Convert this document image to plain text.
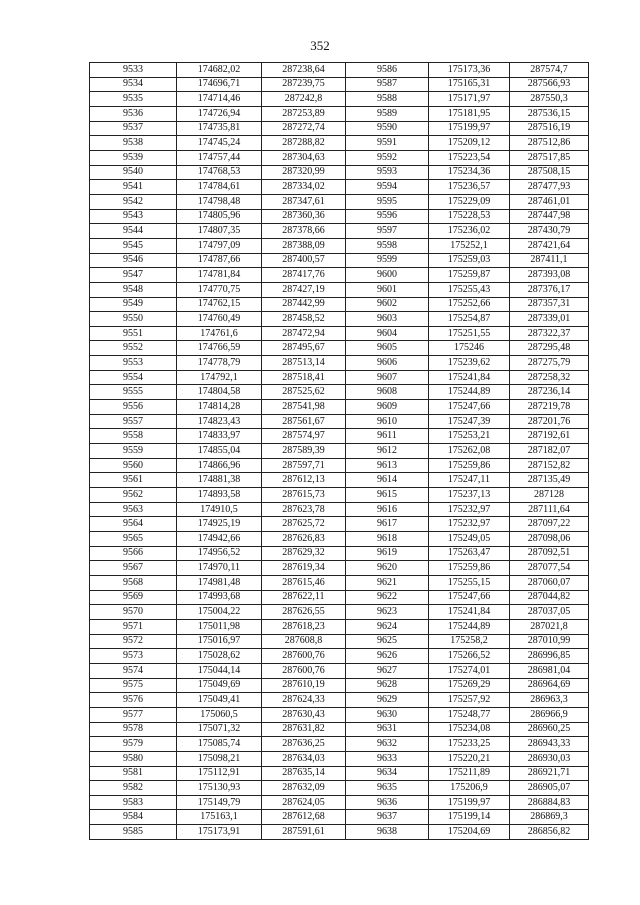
352
9533	174682,02	287238,64	9586	175173,36	287574,7
9534	174696,71	287239,75	9587	175165,31	287566,93
9535	174714,46	287242,8	9588	175171,97	287550,3
9536	174726,94	287253,89	9589	175181,95	287536,15
9537	174735,81	287272,74	9590	175199,97	287516,19
9538	174745,24	287288,82	9591	175209,12	287512,86
9539	174757,44	287304,63	9592	175223,54	287517,85
9540	174768,53	287320,99	9593	175234,36	287508,15
9541	174784,61	287334,02	9594	175236,57	287477,93
9542	174798,48	287347,61	9595	175229,09	287461,01
9543	174805,96	287360,36	9596	175228,53	287447,98
9544	174807,35	287378,66	9597	175236,02	287430,79
9545	174797,09	287388,09	9598	175252,1	287421,64
9546	174787,66	287400,57	9599	175259,03	287411,1
9547	174781,84	287417,76	9600	175259,87	287393,08
9548	174770,75	287427,19	9601	175255,43	287376,17
9549	174762,15	287442,99	9602	175252,66	287357,31
9550	174760,49	287458,52	9603	175254,87	287339,01
9551	174761,6	287472,94	9604	175251,55	287322,37
9552	174766,59	287495,67	9605	175246	287295,48
9553	174778,79	287513,14	9606	175239,62	287275,79
9554	174792,1	287518,41	9607	175241,84	287258,32
9555	174804,58	287525,62	9608	175244,89	287236,14
9556	174814,28	287541,98	9609	175247,66	287219,78
9557	174823,43	287561,67	9610	175247,39	287201,76
9558	174833,97	287574,97	9611	175253,21	287192,61
9559	174855,04	287589,39	9612	175262,08	287182,07
9560	174866,96	287597,71	9613	175259,86	287152,82
9561	174881,38	287612,13	9614	175247,11	287135,49
9562	174893,58	287615,73	9615	175237,13	287128
9563	174910,5	287623,78	9616	175232,97	287111,64
9564	174925,19	287625,72	9617	175232,97	287097,22
9565	174942,66	287626,83	9618	175249,05	287098,06
9566	174956,52	287629,32	9619	175263,47	287092,51
9567	174970,11	287619,34	9620	175259,86	287077,54
9568	174981,48	287615,46	9621	175255,15	287060,07
9569	174993,68	287622,11	9622	175247,66	287044,82
9570	175004,22	287626,55	9623	175241,84	287037,05
9571	175011,98	287618,23	9624	175244,89	287021,8
9572	175016,97	287608,8	9625	175258,2	287010,99
9573	175028,62	287600,76	9626	175266,52	286996,85
9574	175044,14	287600,76	9627	175274,01	286981,04
9575	175049,69	287610,19	9628	175269,29	286964,69
9576	175049,41	287624,33	9629	175257,92	286963,3
9577	175060,5	287630,43	9630	175248,77	286966,9
9578	175071,32	287631,82	9631	175234,08	286960,25
9579	175085,74	287636,25	9632	175233,25	286943,33
9580	175098,21	287634,03	9633	175220,21	286930,03
9581	175112,91	287635,14	9634	175211,89	286921,71
9582	175130,93	287632,09	9635	175206,9	286905,07
9583	175149,79	287624,05	9636	175199,97	286884,83
9584	175163,1	287612,68	9637	175199,14	286869,3
9585	175173,91	287591,61	9638	175204,69	286856,82
